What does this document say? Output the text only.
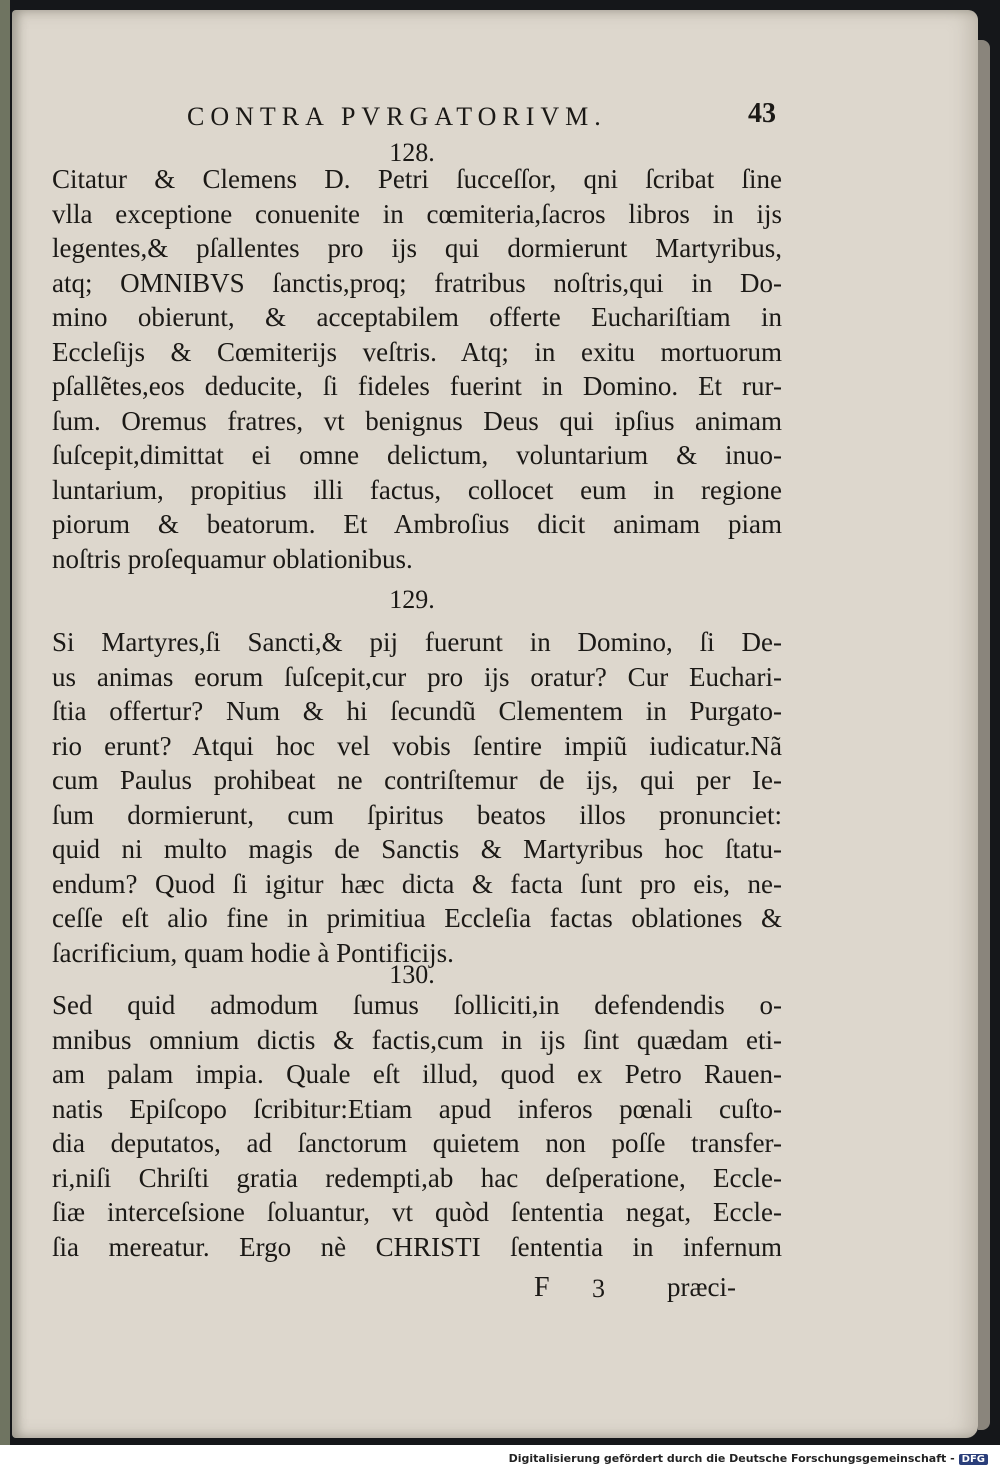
CONTRA PVRGATORIVM.	43
128.
Citatur & Clemens D. Petri ſucceſſor, qni ſcribat ſine
vlla exceptione conuenite in cœmiteria,ſacros libros in ijs
legentes,& pſallentes pro ijs qui dormierunt Martyribus,
atq; OMNIBVS ſanctis,proq; fratribus noſtris,qui in Do-
mino obierunt, & acceptabilem offerte Euchariſtiam in
Eccleſijs & Cœmiterijs veſtris. Atq; in exitu mortuorum
pſallẽtes,eos deducite, ſi fideles fuerint in Domino. Et rur-
ſum. Oremus fratres, vt benignus Deus qui ipſius animam
ſuſcepit,dimittat ei omne delictum, voluntarium & inuo-
luntarium, propitius illi factus, collocet eum in regione
piorum & beatorum. Et Ambroſius dicit animam piam
noſtris proſequamur oblationibus.
129.
Si Martyres,ſi Sancti,& pij fuerunt in Domino, ſi De-
us animas eorum ſuſcepit,cur pro ijs oratur? Cur Euchari-
ſtia offertur? Num & hi ſecundũ Clementem in Purgato-
rio erunt? Atqui hoc vel vobis ſentire impiũ iudicatur.Nã
cum Paulus prohibeat ne contriſtemur de ijs, qui per Ie-
ſum dormierunt, cum ſpiritus beatos illos pronunciet:
quid ni multo magis de Sanctis & Martyribus hoc ſtatu-
endum? Quod ſi igitur hæc dicta & facta ſunt pro eis, ne-
ceſſe eſt alio fine in primitiua Eccleſia factas oblationes &
ſacrificium, quam hodie à Pontificijs.
130.
Sed quid admodum ſumus ſolliciti,in defendendis o-
mnibus omnium dictis & factis,cum in ijs ſint quædam eti-
am palam impia. Quale eſt illud, quod ex Petro Rauen-
natis Epiſcopo ſcribitur:Etiam apud inferos pœnali cuſto-
dia deputatos, ad ſanctorum quietem non poſſe transfer-
ri,niſi Chriſti gratia redempti,ab hac deſperatione, Eccle-
ſiæ interceſsione ſoluantur, vt quòd ſententia negat, Eccle-
ſia mereatur. Ergo nè CHRISTI ſententia in infernum
F 3 præci-
Digitalisierung gefördert durch die Deutsche Forschungsgemeinschaft - DFG
